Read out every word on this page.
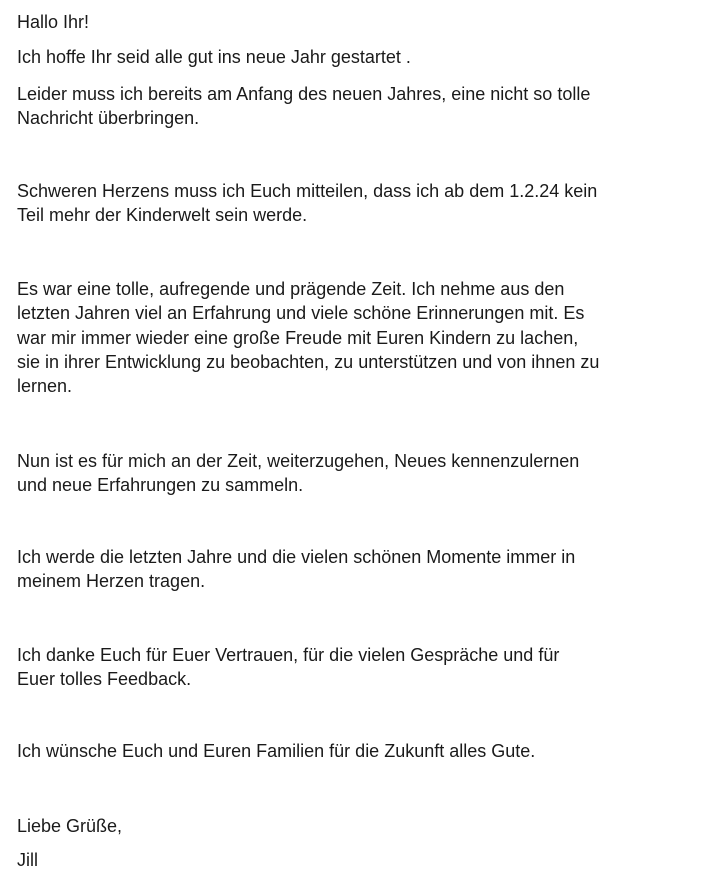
Hallo Ihr!

Ich hoffe Ihr seid alle gut ins neue Jahr gestartet .

Leider muss ich bereits am Anfang des neuen Jahres, eine nicht so tolle
Nachricht überbringen.

Schweren Herzens muss ich Euch mitteilen, dass ich ab dem 1.2.24 kein
Teil mehr der Kinderwelt sein werde.

Es war eine tolle, aufregende und prägende Zeit. Ich nehme aus den
letzten Jahren viel an Erfahrung und viele schöne Erinnerungen mit. Es
war mir immer wieder eine große Freude mit Euren Kindern zu lachen,
sie in ihrer Entwicklung zu beobachten, zu unterstützen und von ihnen zu
lernen.

Nun ist es für mich an der Zeit, weiterzugehen, Neues kennenzulernen
und neue Erfahrungen zu sammeln.

Ich werde die letzten Jahre und die vielen schönen Momente immer in
meinem Herzen tragen.

Ich danke Euch für Euer Vertrauen, für die vielen Gespräche und für
Euer tolles Feedback.

Ich wünsche Euch und Euren Familien für die Zukunft alles Gute.

Liebe Grüße,

Jill
